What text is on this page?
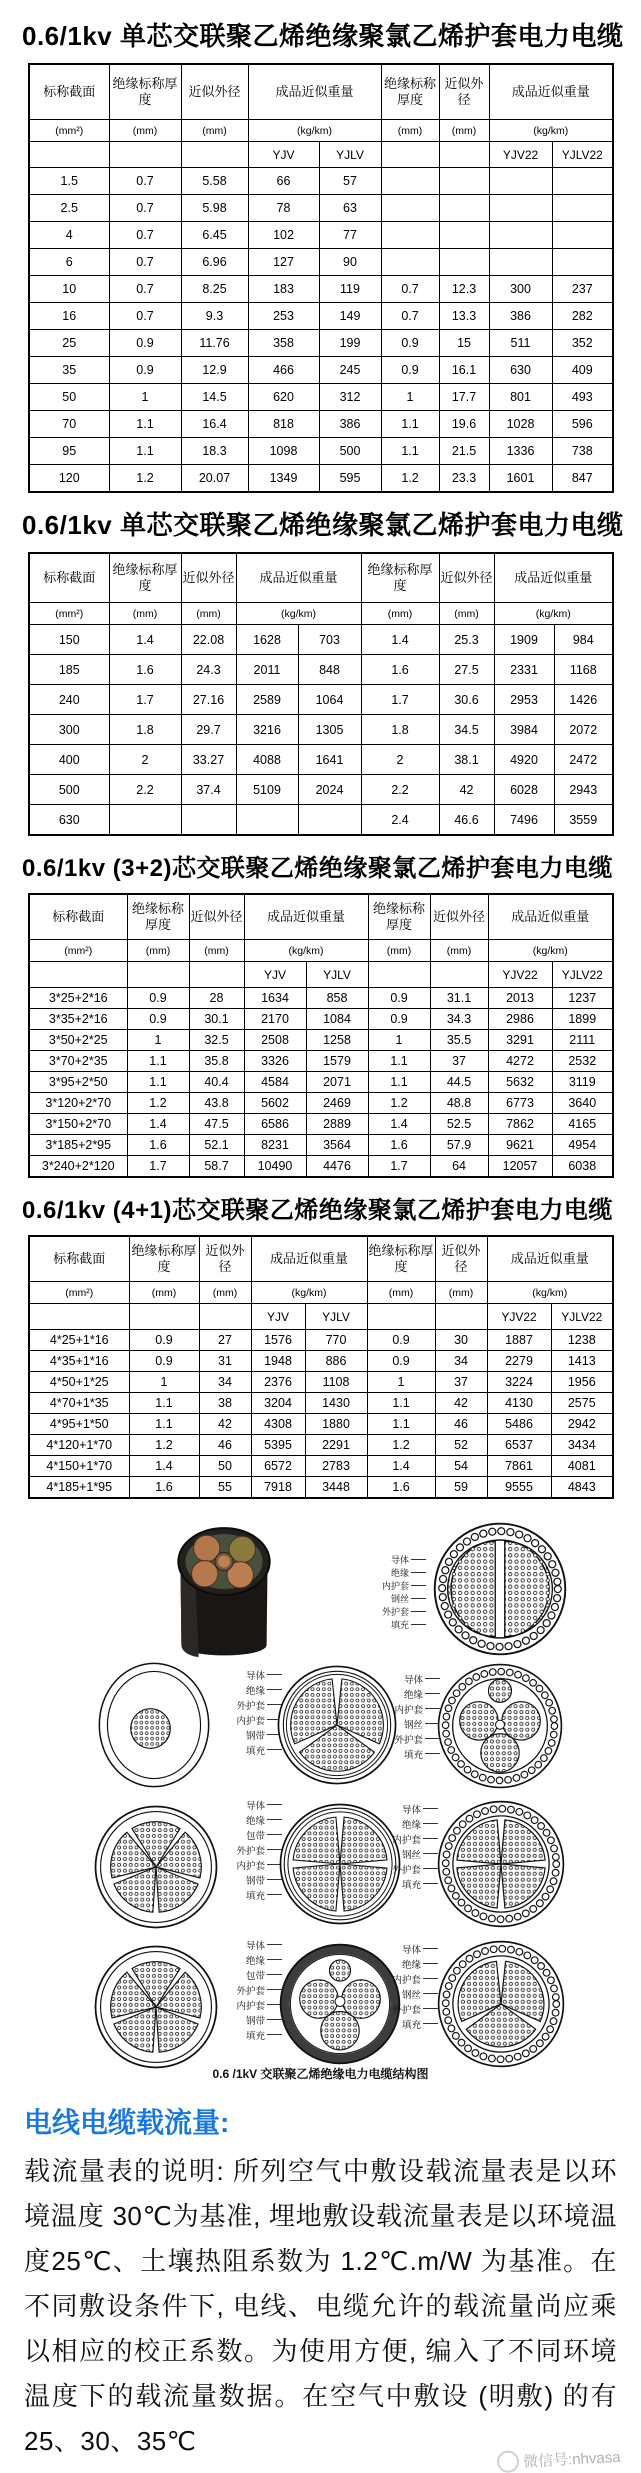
0.6/1kv 单芯交联聚乙烯绝缘聚氯乙烯护套电力电缆
标称截面	绝缘标称厚度	近似外径	成品近似重量		绝缘标称厚度	近似外径	成品近似重量	
(mm²)	(mm)	(mm)	(kg/km)		(mm)	(mm)	(kg/km)	
			YJV	YJLV			YJV22	YJLV22
1.5	0.7	5.58	66	57				
2.5	0.7	5.98	78	63				
4	0.7	6.45	102	77				
6	0.7	6.96	127	90				
10	0.7	8.25	183	119	0.7	12.3	300	237
16	0.7	9.3	253	149	0.7	13.3	386	282
25	0.9	11.76	358	199	0.9	15	511	352
35	0.9	12.9	466	245	0.9	16.1	630	409
50	1	14.5	620	312	1	17.7	801	493
70	1.1	16.4	818	386	1.1	19.6	1028	596
95	1.1	18.3	1098	500	1.1	21.5	1336	738
120	1.2	20.07	1349	595	1.2	23.3	1601	847
0.6/1kv 单芯交联聚乙烯绝缘聚氯乙烯护套电力电缆
标称截面	绝缘标称厚度	近似外径	成品近似重量		绝缘标称厚度	近似外径	成品近似重量	
(mm²)	(mm)	(mm)	(kg/km)		(mm)	(mm)	(kg/km)	
150	1.4	22.08	1628	703	1.4	25.3	1909	984
185	1.6	24.3	2011	848	1.6	27.5	2331	1168
240	1.7	27.16	2589	1064	1.7	30.6	2953	1426
300	1.8	29.7	3216	1305	1.8	34.5	3984	2072
400	2	33.27	4088	1641	2	38.1	4920	2472
500	2.2	37.4	5109	2024	2.2	42	6028	2943
630					2.4	46.6	7496	3559
0.6/1kv (3+2)芯交联聚乙烯绝缘聚氯乙烯护套电力电缆
标称截面	绝缘标称厚度	近似外径	成品近似重量		绝缘标称厚度	近似外径	成品近似重量	
(mm²)	(mm)	(mm)	(kg/km)		(mm)	(mm)	(kg/km)	
			YJV	YJLV			YJV22	YJLV22
3*25+2*16	0.9	28	1634	858	0.9	31.1	2013	1237
3*35+2*16	0.9	30.1	2170	1084	0.9	34.3	2986	1899
3*50+2*25	1	32.5	2508	1258	1	35.5	3291	2111
3*70+2*35	1.1	35.8	3326	1579	1.1	37	4272	2532
3*95+2*50	1.1	40.4	4584	2071	1.1	44.5	5632	3119
3*120+2*70	1.2	43.8	5602	2469	1.2	48.8	6773	3640
3*150+2*70	1.4	47.5	6586	2889	1.4	52.5	7862	4165
3*185+2*95	1.6	52.1	8231	3564	1.6	57.9	9621	4954
3*240+2*120	1.7	58.7	10490	4476	1.7	64	12057	6038
0.6/1kv (4+1)芯交联聚乙烯绝缘聚氯乙烯护套电力电缆
标称截面	绝缘标称厚度	近似外径	成品近似重量		绝缘标称厚度	近似外径	成品近似重量	
(mm²)	(mm)	(mm)	(kg/km)		(mm)	(mm)	(kg/km)	
			YJV	YJLV			YJV22	YJLV22
4*25+1*16	0.9	27	1576	770	0.9	30	1887	1238
4*35+1*16	0.9	31	1948	886	0.9	34	2279	1413
4*50+1*25	1	34	2376	1108	1	37	3224	1956
4*70+1*35	1.1	38	3204	1430	1.1	42	4130	2575
4*95+1*50	1.1	42	4308	1880	1.1	46	5486	2942
4*120+1*70	1.2	46	5395	2291	1.2	52	6537	3434
4*150+1*70	1.4	50	6572	2783	1.4	54	7861	4081
4*185+1*95	1.6	55	7918	3448	1.6	59	9555	4843
导体
绝缘
内护套
钢丝
外护套
填充
导体
绝缘
外护套
内护套
钢带
填充
导体
绝缘
内护套
钢丝
外护套
填充
导体
绝缘
包带
外护套
内护套
钢带
填充
导体
绝缘
内护套
钢丝
外护套
填充
导体
绝缘
包带
外护套
内护套
钢带
填充
导体
绝缘
内护套
钢丝
外护套
填充
0.6 /1kV 交联聚乙烯绝缘电力电缆结构图
电线电缆载流量:

载流量表的说明: 所列空气中敷设载流量表是以环境温度 30℃为基准, 埋地敷设载流量表是以环境温度25℃、土壤热阻系数为 1.2℃.m/W 为基准。在不同敷设条件下, 电线、电缆允许的载流量尚应乘以相应的校正系数。为使用方便, 编入了不同环境温度下的载流量数据。在空气中敷设 (明敷) 的有 25、30、35℃

微信号:nhvasa
